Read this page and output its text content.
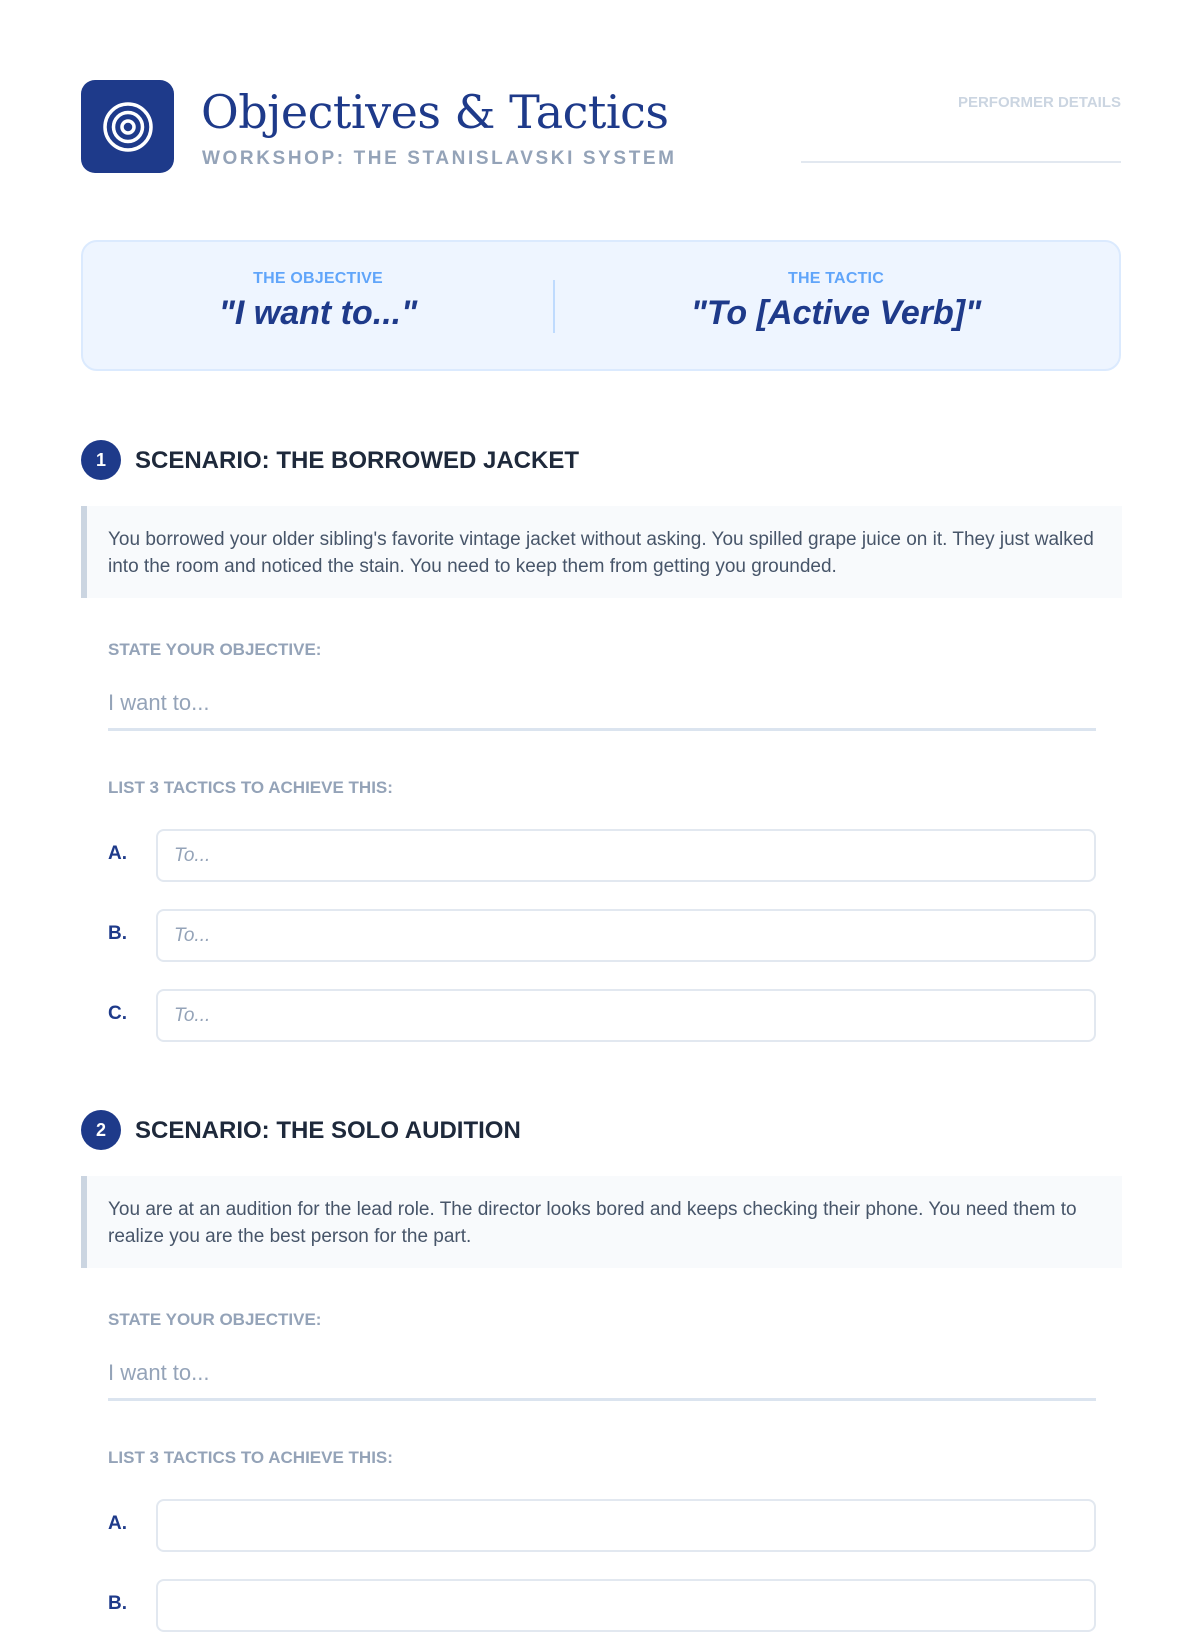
Objectives & Tactics
WORKSHOP: THE STANISLAVSKI SYSTEM
PERFORMER DETAILS
THE OBJECTIVE
"I want to..."
THE TACTIC
"To [Active Verb]"
1	SCENARIO: THE BORROWED JACKET

You borrowed your older sibling's favorite vintage jacket without asking. You spilled grape juice on it. They just walked into the room and noticed the stain. You need to keep them from getting you grounded.

STATE YOUR OBJECTIVE:
I want to...
LIST 3 TACTICS TO ACHIEVE THIS:
A.
To...
B.
To...
C.
To...
2	SCENARIO: THE SOLO AUDITION

You are at an audition for the lead role. The director looks bored and keeps checking their phone. You need them to realize you are the best person for the part.

STATE YOUR OBJECTIVE:
I want to...
LIST 3 TACTICS TO ACHIEVE THIS:
A.
B.
